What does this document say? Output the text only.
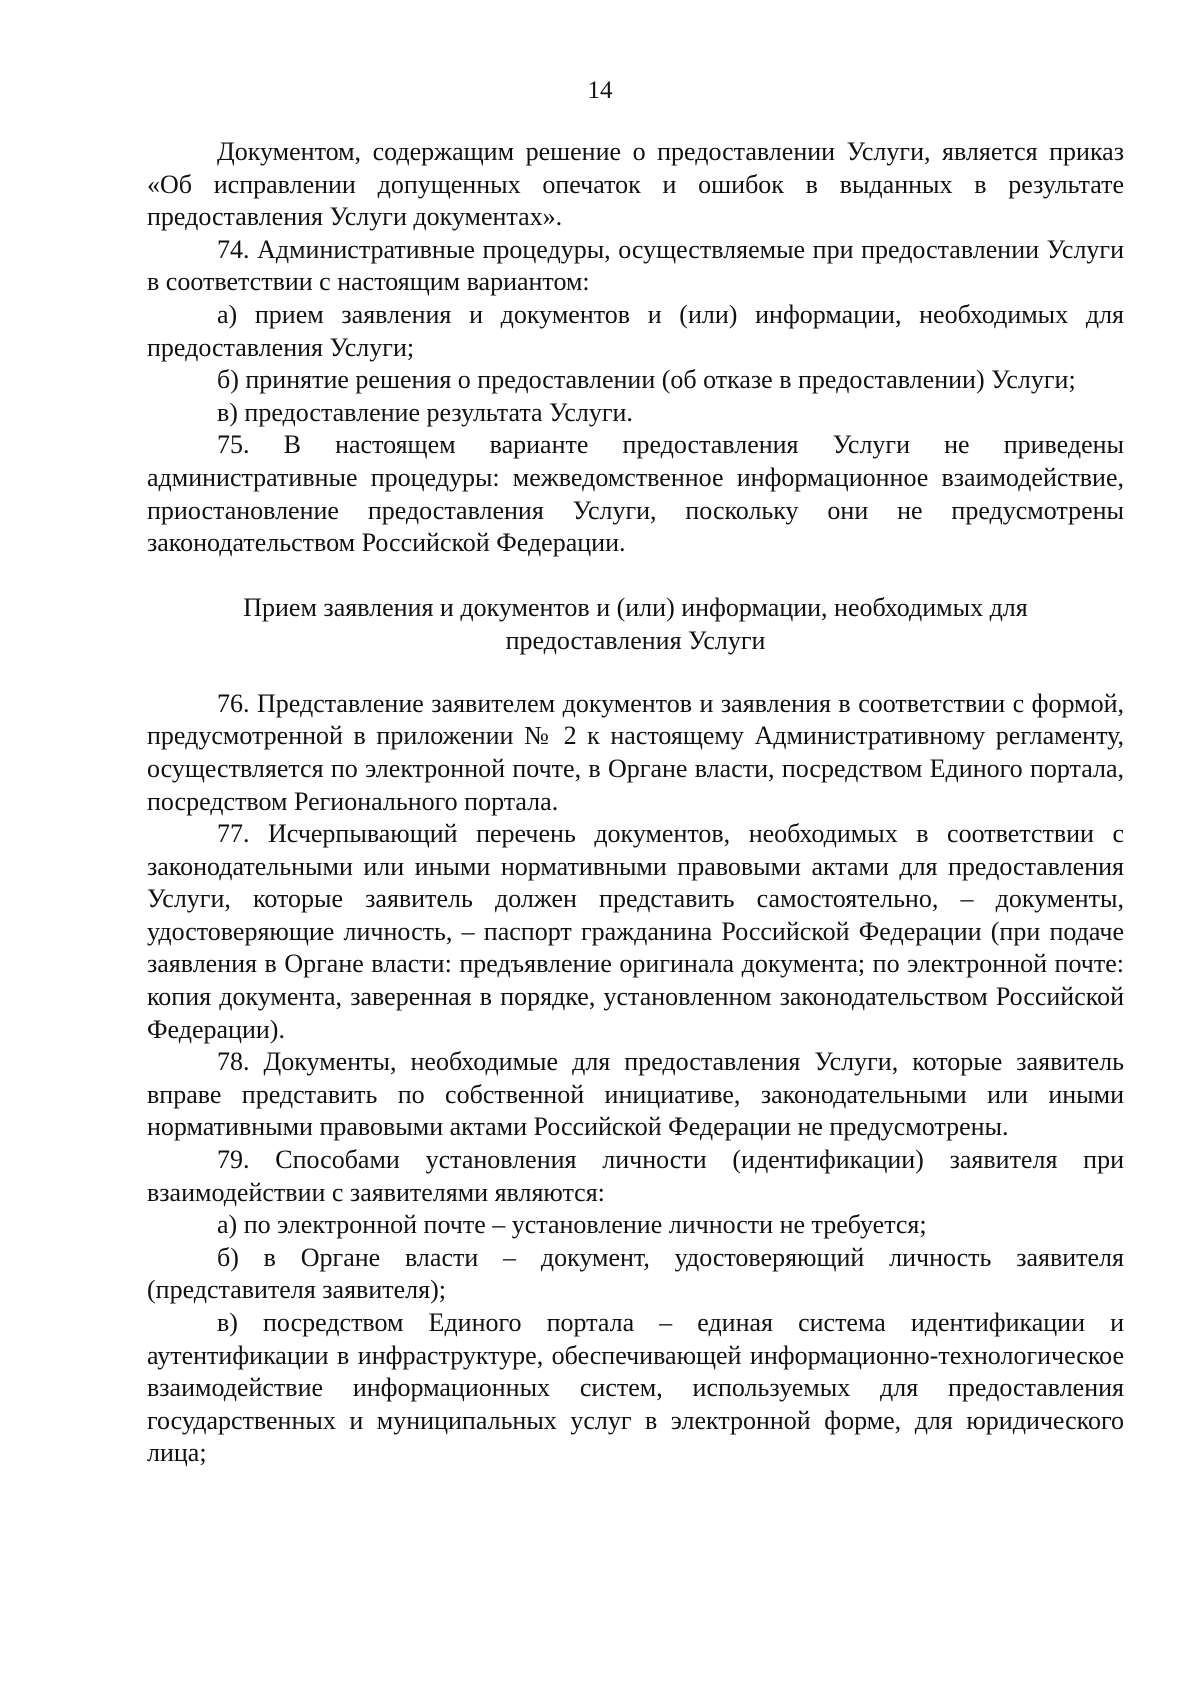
14

Документом, содержащим решение о предоставлении Услуги, является приказ «Об исправлении допущенных опечаток и ошибок в выданных в результате предоставления Услуги документах».

74. Административные процедуры, осуществляемые при предоставлении Услуги в соответствии с настоящим вариантом:

а) прием заявления и документов и (или) информации, необходимых для предоставления Услуги;

б) принятие решения о предоставлении (об отказе в предоставлении) Услуги;

в) предоставление результата Услуги.

75. В настоящем варианте предоставления Услуги не приведены административные процедуры: межведомственное информационное взаимодействие, приостановление предоставления Услуги, поскольку они не предусмотрены законодательством Российской Федерации.

Прием заявления и документов и (или) информации, необходимых для
предоставления Услуги

76. Представление заявителем документов и заявления в соответствии с формой, предусмотренной в приложении № 2 к настоящему Административному регламенту, осуществляется по электронной почте, в Органе власти, посредством Единого портала, посредством Регионального портала.

77. Исчерпывающий перечень документов, необходимых в соответствии с законодательными или иными нормативными правовыми актами для предоставления Услуги, которые заявитель должен представить самостоятельно, – документы, удостоверяющие личность, – паспорт гражданина Российской Федерации (при подаче заявления в Органе власти: предъявление оригинала документа; по электронной почте: копия документа, заверенная в порядке, установленном законодательством Российской Федерации).

78. Документы, необходимые для предоставления Услуги, которые заявитель вправе представить по собственной инициативе, законодательными или иными нормативными правовыми актами Российской Федерации не предусмотрены.

79. Способами установления личности (идентификации) заявителя при взаимодействии с заявителями являются:

а) по электронной почте – установление личности не требуется;

б) в Органе власти – документ, удостоверяющий личность заявителя (представителя заявителя);

в) посредством Единого портала – единая система идентификации и аутентификации в инфраструктуре, обеспечивающей информационно-технологическое взаимодействие информационных систем, используемых для предоставления государственных и муниципальных услуг в электронной форме, для юридического лица;
